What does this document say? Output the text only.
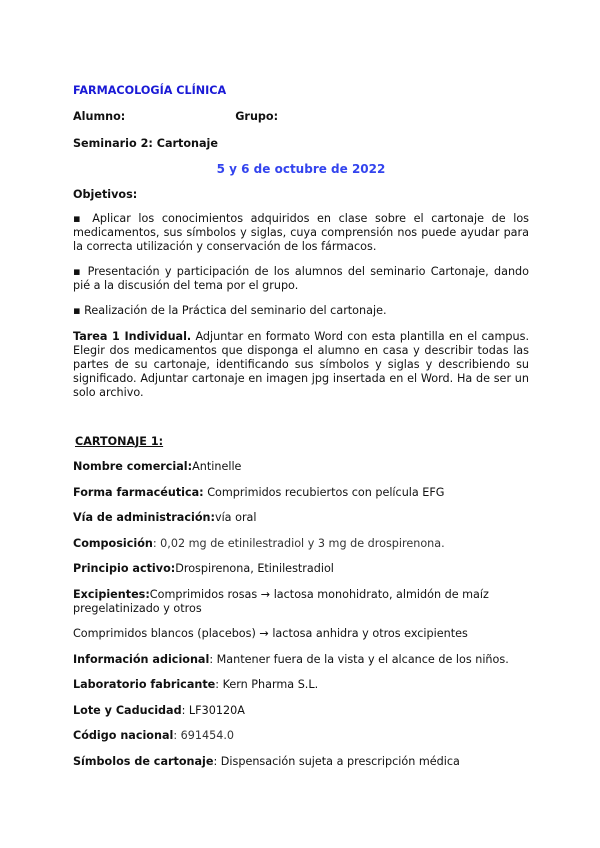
FARMACOLOGÍA CLÍNICA
Alumno:	Grupo:
Seminario 2: Cartonaje
5 y 6 de octubre de 2022
Objetivos:
▪ Aplicar los conocimientos adquiridos en clase sobre el cartonaje de los medicamentos, sus símbolos y siglas, cuya comprensión nos puede ayudar para la correcta utilización y conservación de los fármacos.
▪ Presentación y participación de los alumnos del seminario Cartonaje, dando pié a la discusión del tema por el grupo.
▪ Realización de la Práctica del seminario del cartonaje.
Tarea 1 Individual. Adjuntar en formato Word con esta plantilla en el campus. Elegir dos medicamentos que disponga el alumno en casa y describir todas las partes de su cartonaje, identificando sus símbolos y siglas y describiendo su significado. Adjuntar cartonaje en imagen jpg insertada en el Word. Ha de ser un solo archivo.
CARTONAJE 1:
Nombre comercial:Antinelle
Forma farmacéutica: Comprimidos recubiertos con película EFG
Vía de administración:vía oral
Composición: 0,02 mg de etinilestradiol y 3 mg de drospirenona.
Principio activo:Drospirenona, Etinilestradiol
Excipientes:Comprimidos rosas → lactosa monohidrato, almidón de maíz pregelatinizado y otros
Comprimidos blancos (placebos) → lactosa anhidra y otros excipientes
Información adicional: Mantener fuera de la vista y el alcance de los niños.
Laboratorio fabricante: Kern Pharma S.L.
Lote y Caducidad: LF30120A
Código nacional: 691454.0
Símbolos de cartonaje: Dispensación sujeta a prescripción médica
